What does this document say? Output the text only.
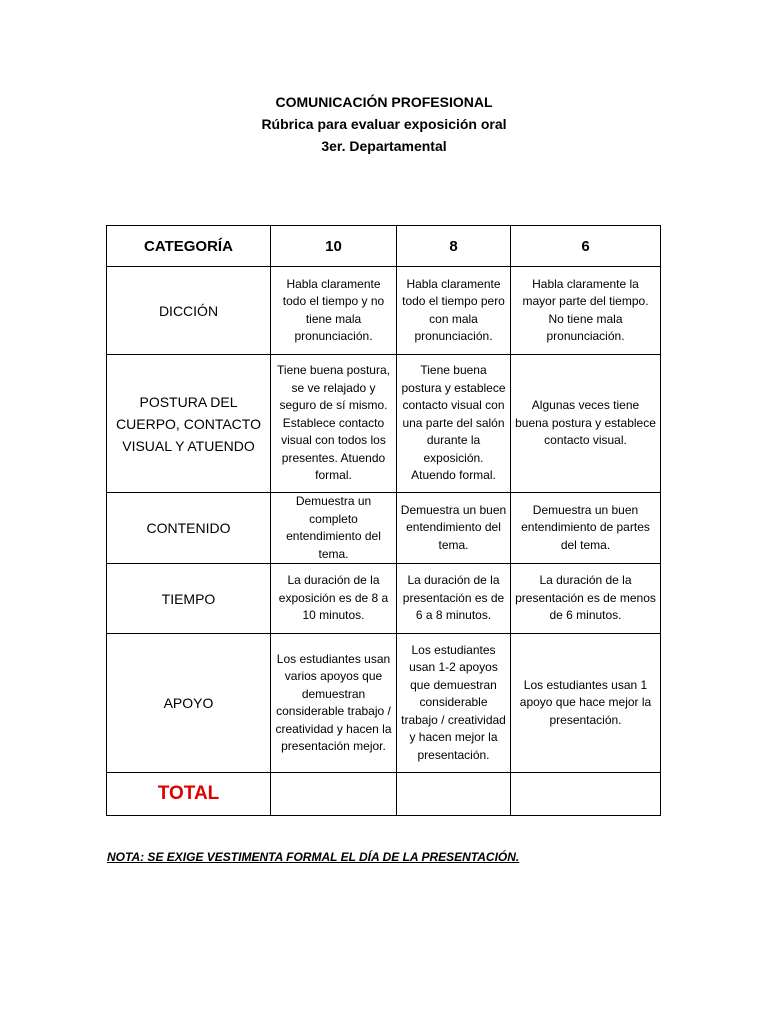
COMUNICACIÓN PROFESIONAL
Rúbrica para evaluar exposición oral
3er. Departamental
CATEGORÍA	10	8	6
DICCIÓN	Habla claramente todo el tiempo y no tiene mala pronunciación.	Habla claramente todo el tiempo pero con mala pronunciación.	Habla claramente la mayor parte del tiempo. No tiene mala pronunciación.
POSTURA DEL CUERPO, CONTACTO VISUAL Y ATUENDO	Tiene buena postura, se ve relajado y seguro de sí mismo. Establece contacto visual con todos los presentes. Atuendo formal.	Tiene buena postura y establece contacto visual con una parte del salón durante la exposición. Atuendo formal.	Algunas veces tiene buena postura y establece contacto visual.
CONTENIDO	Demuestra un completo entendimiento del tema.	Demuestra un buen entendimiento del tema.	Demuestra un buen entendimiento de partes del tema.
TIEMPO	La duración de la exposición es de 8 a 10 minutos.	La duración de la presentación es de 6 a 8 minutos.	La duración de la presentación es de menos de 6 minutos.
APOYO	Los estudiantes usan varios apoyos que demuestran considerable trabajo / creatividad y hacen la presentación mejor.	Los estudiantes usan 1-2 apoyos que demuestran considerable trabajo / creatividad y hacen mejor la presentación.	Los estudiantes usan 1 apoyo que hace mejor la presentación.
TOTAL			
NOTA: SE EXIGE VESTIMENTA FORMAL EL DÍA DE LA PRESENTACIÓN.
